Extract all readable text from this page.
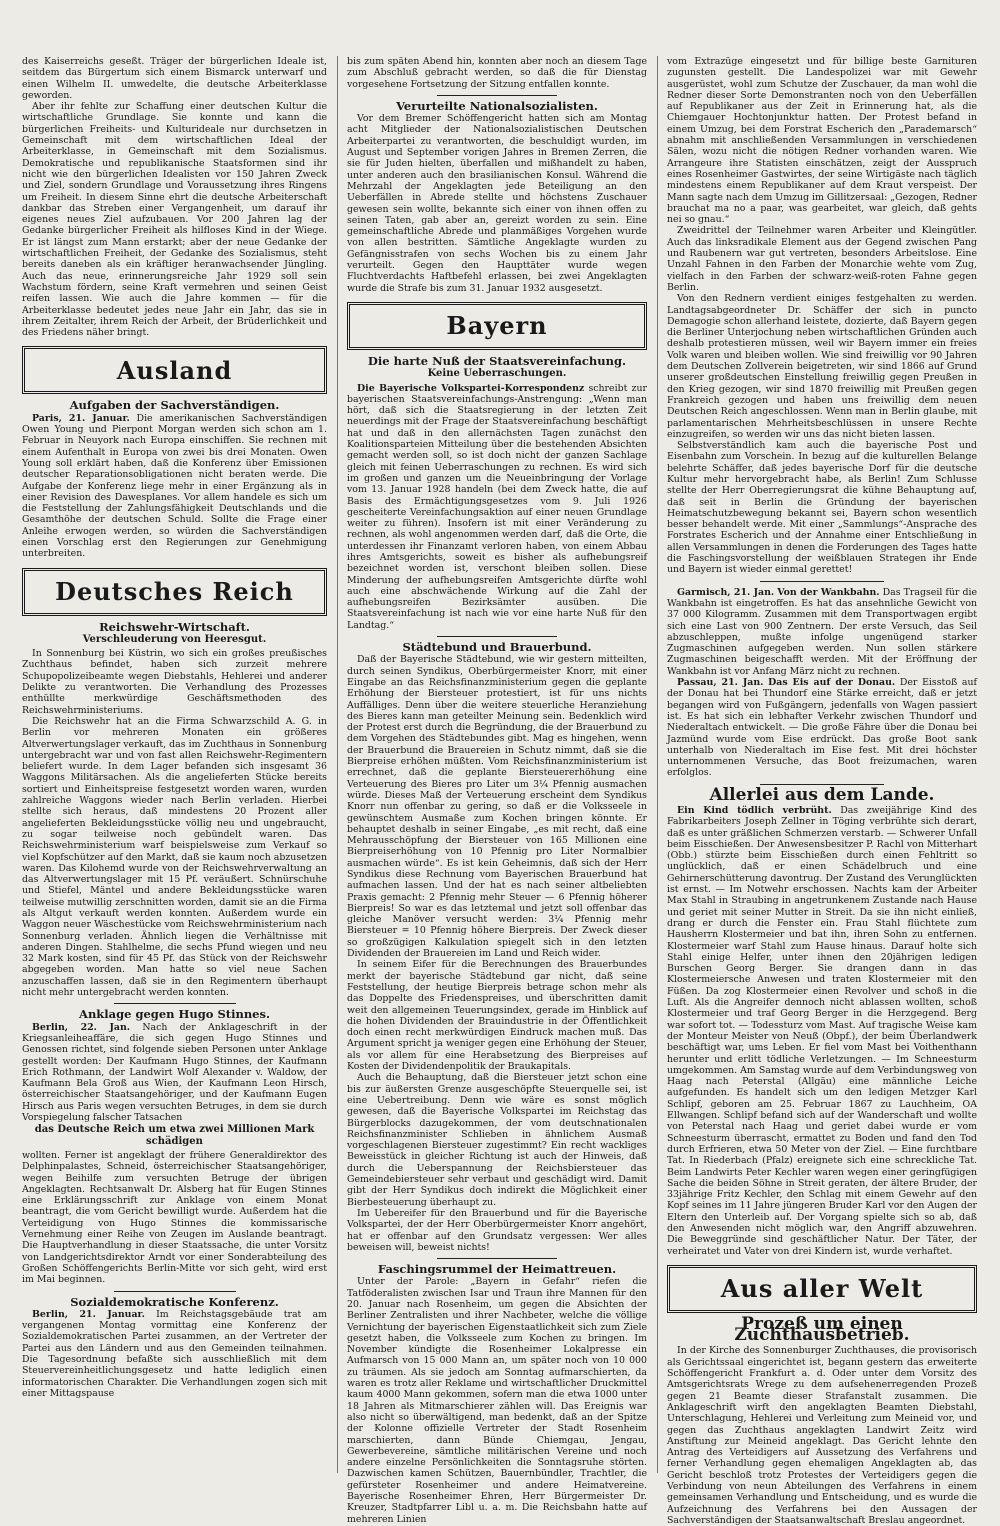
des Kaiserreichs geseßt. Träger der bürgerlichen Ideale ist, seitdem das Bürgertum sich einem Bismarck unterwarf und einen Wilhelm II. umwedelte, die deutsche Arbeiterklasse geworden.

Aber ihr fehlte zur Schaffung einer deutschen Kultur die wirtschaftliche Grundlage. Sie konnte und kann die bürgerlichen Freiheits- und Kulturideale nur durchsetzen in Gemeinschaft mit dem wirtschaftlichen Ideal der Arbeiterklasse, in Gemeinschaft mit dem Sozialismus. Demokratische und republikanische Staatsformen sind ihr nicht wie den bürgerlichen Idealisten vor 150 Jahren Zweck und Ziel, sondern Grundlage und Voraussetzung ihres Ringens um Freiheit. In diesem Sinne ehrt die deutsche Arbeiterschaft dankbar das Streben einer Vergangenheit, um darauf ihr eigenes neues Ziel aufzubauen. Vor 200 Jahren lag der Gedanke bürgerlicher Freiheit als hilfloses Kind in der Wiege. Er ist längst zum Mann erstarkt; aber der neue Gedanke der wirtschaftlichen Freiheit, der Gedanke des Sozialismus, steht bereits daneben als ein kräftiger heranwachsender Jüngling. Auch das neue, erinnerungsreiche Jahr 1929 soll sein Wachstum fördern, seine Kraft vermehren und seinen Geist reifen lassen. Wie auch die Jahre kommen — für die Arbeiterklasse bedeutet jedes neue Jahr ein Jahr, das sie in ihrem Zeitalter, ihrem Reich der Arbeit, der Brüderlichkeit und des Friedens näher bringt.

Ausland
Aufgaben der Sachverständigen.

Paris, 21. Januar. Die amerikanischen Sachverständigen Owen Young und Pierpont Morgan werden sich schon am 1. Februar in Neuyork nach Europa einschiffen. Sie rechnen mit einem Aufenthalt in Europa von zwei bis drei Monaten. Owen Young soll erklärt haben, daß die Konferenz über Emissionen deutscher Reparationsobligationen nicht beraten werde. Die Aufgabe der Konferenz liege mehr in einer Ergänzung als in einer Revision des Dawesplanes. Vor allem handele es sich um die Feststellung der Zahlungsfähigkeit Deutschlands und die Gesamthöhe der deutschen Schuld. Sollte die Frage einer Anleihe erwogen werden, so würden die Sachverständigen einen Vorschlag erst den Regierungen zur Genehmigung unterbreiten.

Deutsches Reich
Reichswehr-Wirtschaft.
Verschleuderung von Heeresgut.

In Sonnenburg bei Küstrin, wo sich ein großes preußisches Zuchthaus befindet, haben sich zurzeit mehrere Schupopolizeibeamte wegen Diebstahls, Hehlerei und anderer Delikte zu verantworten. Die Verhandlung des Prozesses enthüllte merkwürdige Geschäftsmethoden des Reichswehrministeriums.

Die Reichswehr hat an die Firma Schwarzschild A. G. in Berlin vor mehreren Monaten ein größeres Altverwertungslager verkauft, das im Zuchthaus in Sonnenburg untergebracht war und von fast allen Reichswehr-Regimentern beliefert wurde. In dem Lager befanden sich insgesamt 36 Waggons Militärsachen. Als die angelieferten Stücke bereits sortiert und Einheitspreise festgesetzt worden waren, wurden zahlreiche Waggons wieder nach Berlin verladen. Hierbei stellte sich heraus, daß mindestens 20 Prozent aller angelieferten Bekleidungsstücke völlig neu und ungebraucht, zu sogar teilweise noch gebündelt waren. Das Reichswehrministerium warf beispielsweise zum Verkauf so viel Kopfschützer auf den Markt, daß sie kaum noch abzusetzen waren. Das Kilohemd wurde von der Reichswehrverwaltung an das Altverwertungslager mit 15 Pf. veräußert. Schnürschuhe und Stiefel, Mäntel und andere Bekleidungsstücke waren teilweise mutwillig zerschnitten worden, damit sie an die Firma als Altgut verkauft werden konnten. Außerdem wurde ein Waggon neuer Wäschestücke vom Reichswehrministerium nach Sonnenburg verladen. Ähnlich liegen die Verhältnisse mit anderen Dingen. Stahlhelme, die sechs Pfund wiegen und neu 32 Mark kosten, sind für 45 Pf. das Stück von der Reichswehr abgegeben worden. Man hatte so viel neue Sachen anzuschaffen lassen, daß sie in den Regimentern überhaupt nicht mehr untergebracht werden konnten.

Anklage gegen Hugo Stinnes.

Berlin, 22. Jan. Nach der Anklageschrift in der Kriegsanleiheaffäre, die sich gegen Hugo Stinnes und Genossen richtet, sind folgende sieben Personen unter Anklage gestellt worden: Der Kaufmann Hugo Stinnes, der Kaufmann Erich Rothmann, der Landwirt Wolf Alexander v. Waldow, der Kaufmann Bela Groß aus Wien, der Kaufmann Leon Hirsch, österreichischer Staatsangehöriger, und der Kaufmann Eugen Hirsch aus Paris wegen versuchten Betruges, in dem sie durch Vorspiegelung falscher Tatsachen

das Deutsche Reich um etwa zwei Millionen Mark schädigen

wollten. Ferner ist angeklagt der frühere Generaldirektor des Delphinpalastes, Schneid, österreichischer Staatsangehöriger, wegen Beihilfe zum versuchten Betruge der übrigen Angeklagten. Rechtsanwalt Dr. Alsberg hat für Eugen Stinnes eine Erklärungsschrift zur Anklage von einem Monat beantragt, die vom Gericht bewilligt wurde. Außerdem hat die Verteidigung von Hugo Stinnes die kommissarische Vernehmung einer Reihe von Zeugen im Auslande beantragt. Die Hauptverhandlung in dieser Staatssache, die unter Vorsitz von Landgerichtsdirektor Arndt vor einer Sonderabteilung des Großen Schöffengerichts Berlin-Mitte vor sich geht, wird erst im Mai beginnen.

Sozialdemokratische Konferenz.

Berlin, 21. Januar. Im Reichstagsgebäude trat am vergangenen Montag vormittag eine Konferenz der Sozialdemokratischen Partei zusammen, an der Vertreter der Partei aus den Ländern und aus den Gemeinden teilnahmen. Die Tagesordnung befaßte sich ausschließlich mit dem Steuervereinheitlichungsgesetz und hatte lediglich einen informatorischen Charakter. Die Verhandlungen zogen sich mit einer Mittagspause

bis zum späten Abend hin, konnten aber noch an diesem Tage zum Abschluß gebracht werden, so daß die für Dienstag vorgesehene Fortsetzung der Sitzung entfallen konnte.

Verurteilte Nationalsozialisten.

Vor dem Bremer Schöffengericht hatten sich am Montag acht Mitglieder der Nationalsozialistischen Deutschen Arbeiterpartei zu verantworten, die beschuldigt wurden, im August und September vorigen Jahres in Bremen Zerren, die sie für Juden hielten, überfallen und mißhandelt zu haben, unter anderen auch den brasilianischen Konsul. Während die Mehrzahl der Angeklagten jede Beteiligung an den Ueberfällen in Abrede stellte und höchstens Zuschauer gewesen sein wollte, bekannte sich einer von ihnen offen zu seinen Taten, gab aber an, gereizt worden zu sein. Eine gemeinschaftliche Abrede und planmäßiges Vorgehen wurde von allen bestritten. Sämtliche Angeklagte wurden zu Gefängnisstrafen von sechs Wochen bis zu einem Jahr verurteilt. Gegen den Haupttäter wurde wegen Fluchtverdachts Haftbefehl erlassen, bei zwei Angeklagten wurde die Strafe bis zum 31. Januar 1932 ausgesetzt.

Bayern
Die harte Nuß der Staatsvereinfachung.
Keine Ueberraschungen.

Die Bayerische Volkspartei-Korrespondenz schreibt zur bayerischen Staatsvereinfachungs-Anstrengung: „Wenn man hört, daß sich die Staatsregierung in der letzten Zeit neuerdings mit der Frage der Staatsvereinfachung beschäftigt hat und daß in den allernächsten Tagen zunächst den Koalitionsparteien Mitteilung über die bestehenden Absichten gemacht werden soll, so ist doch nicht der ganzen Sachlage gleich mit feinen Ueberraschungen zu rechnen. Es wird sich im großen und ganzen um die Neueinbringung der Vorlage vom 13. Januar 1928 handeln (bei dem Zweck hatte, die auf Basis des Ermächtigungsgesetzes vom 9. Juli 1926 gescheiterte Vereinfachungsaktion auf einer neuen Grundlage weiter zu führen). Insofern ist mit einer Veränderung zu rechnen, als wohl angenommen werden darf, daß die Orte, die unterdessen ihr Finanzamt verloren haben, von einem Abbau ihres Amtsgerichts, soweit es bisher als aufhebungsreif bezeichnet worden ist, verschont bleiben sollen. Diese Minderung der aufhebungsreifen Amtsgerichte dürfte wohl auch eine abschwächende Wirkung auf die Zahl der aufhebungsreifen Bezirksämter ausüben. Die Staatsvereinfachung ist nach wie vor eine harte Nuß für den Landtag.“

Städtebund und Brauerbund.

Daß der Bayerische Städtebund, wie wir gestern mitteilten, durch seinen Syndikus, Oberbürgermeister Knorr, mit einer Eingabe an das Reichsfinanzministerium gegen die geplante Erhöhung der Biersteuer protestiert, ist für uns nichts Auffälliges. Denn über die weitere steuerliche Heranziehung des Bieres kann man geteilter Meinung sein. Bedenklich wird der Protest erst durch die Begründung, die der Brauerbund zu dem Vorgehen des Städtebundes gibt. Mag es hingehen, wenn der Brauerbund die Brauereien in Schutz nimmt, daß sie die Bierpreise erhöhen müßten. Vom Reichsfinanzministerium ist errechnet, daß die geplante Biersteuererhöhung eine Verteuerung des Bieres pro Liter um 3¼ Pfennig ausmachen würde. Dieses Maß der Verteuerung erscheint dem Syndikus Knorr nun offenbar zu gering, so daß er die Volksseele in gewünschtem Ausmaße zum Kochen bringen könnte. Er behauptet deshalb in seiner Eingabe, „es mit recht, daß eine Mehrausschöpfung der Biersteuer von 165 Millionen eine Bierpreiserhöhung von 10 Pfennig pro Liter Normalbier ausmachen würde“. Es ist kein Geheimnis, daß sich der Herr Syndikus diese Rechnung vom Bayerischen Brauerbund hat aufmachen lassen. Und der hat es nach seiner altbeliebten Praxis gemacht: 2 Pfennig mehr Steuer — 6 Pfennig höherer Bierpreis! So war es das letztemal und jetzt soll offenbar das gleiche Manöver versucht werden: 3¼ Pfennig mehr Biersteuer = 10 Pfennig höhere Bierpreis. Der Zweck dieser so großzügigen Kalkulation spiegelt sich in den letzten Dividenden der Brauereien im Land und Reich wider.

In seinem Eifer für die Berechnungen des Brauerbundes merkt der bayerische Städtebund gar nicht, daß seine Feststellung, der heutige Bierpreis betrage schon mehr als das Doppelte des Friedenspreises, und überschritten damit weit den allgemeinen Teuerungsindex, gerade im Hinblick auf die hohen Dividenden der Brauindustrie in der Öffentlichkeit doch einen recht merkwürdigen Eindruck machen muß. Das Argument spricht ja weniger gegen eine Erhöhung der Steuer, als vor allem für eine Herabsetzung des Bierpreises auf Kosten der Dividendenpolitik der Braukapitals.

Auch die Behauptung, daß die Biersteuer jetzt schon eine bis zur äußersten Grenze ausgeschöpfte Steuerquelle sei, ist eine Uebertreibung. Denn wie wäre es sonst möglich gewesen, daß die Bayerische Volkspartei im Reichstag das Bürgerblocks dazugekommen, der vom deutschnationalen Reichsfinanzminister Schlieben in ähnlichem Ausmaß vorgeschlagenen Biersteuer zugestimmt? Ein recht wackliges Beweisstück in gleicher Richtung ist auch der Hinweis, daß durch die Ueberspannung der Reichsbiersteuer das Gemeindebiersteuer sehr verbaut und geschädigt wird. Damit gibt der Herr Syndikus doch indirekt die Möglichkeit einer Bierbesteuerung überhaupt zu.

Im Uebereifer für den Brauerbund und für die Bayerische Volkspartei, der der Herr Oberbürgermeister Knorr angehört, hat er offenbar auf den Grundsatz vergessen: Wer alles beweisen will, beweist nichts!

Faschingsrummel der Heimattreuen.

Unter der Parole: „Bayern in Gefahr“ riefen die Tatföderalisten zwischen Isar und Traun ihre Mannen für den 20. Januar nach Rosenheim, um gegen die Absichten der Berliner Zentralisten und ihrer Nachbeter, welche die völlige Vernichtung der bayerischen Eigenstaatlichkeit sich zum Ziele gesetzt haben, die Volksseele zum Kochen zu bringen. Im November kündigte die Rosenheimer Lokalpresse ein Aufmarsch von 15 000 Mann an, um später noch von 10 000 zu träumen. Als sie jedoch am Sonntag aufmarschierten, da waren es trotz aller Reklame und wirtschaftlicher Druckmittel kaum 4000 Mann gekommen, sofern man die etwa 1000 unter 18 Jahren als Mitmarschierer zählen will. Das Ereignis war also nicht so überwältigend, man bedenkt, daß an der Spitze der Kolonne offizielle Vertreter der Stadt Rosenheim marschierten, dann Bünde Chiemgau, Jengau, Gewerbevereine, sämtliche militärischen Vereine und noch andere einzelne Persönlichkeiten die Sonntagsruhe störten. Dazwischen kamen Schützen, Bauernbündler, Trachtler, die gefürsteter Rosenheimer und andere Heimatvereine. Bayerische Rosenheimer Ehren, Herr Bürgermeister Dr. Kreuzer, Stadtpfarrer Libl u. a. m. Die Reichsbahn hatte auf mehreren Linien

vom Extrazüge eingesetzt und für billige beste Garnituren zugunsten gestellt. Die Landespolizei war mit Gewehr ausgerüstet, wohl zum Schutze der Zuschauer, da man wohl die Redner dieser Sorte Demonstranten noch von den Ueberfällen auf Republikaner aus der Zeit in Erinnerung hat, als die Chiemgauer Hochtonjunktur hatten. Der Protest befand in einem Umzug, bei dem Forstrat Escherich den „Parademarsch“ abnahm mit anschließenden Versammlungen in verschiedenen Sälen, wozu nicht die nötigen Redner vorhanden waren. Wie Arrangeure ihre Statisten einschätzen, zeigt der Ausspruch eines Rosenheimer Gastwirtes, der seine Wirtigäste nach täglich mindestens einem Republikaner auf dem Kraut verspeist. Der Mann sagte nach dem Umzug im Gillitzersaal: „Gezogen, Redner brauchat ma no a paar, was gearbeitet, war gleich, daß gehts nei so gnau.“

Zweidrittel der Teilnehmer waren Arbeiter und Kleingütler. Auch das linksradikale Element aus der Gegend zwischen Pang und Raubenern war gut vertreten, besonders Arbeitslose. Eine Unzahl Fahnen in den Farben der Monarchie wehte vom Zug, vielfach in den Farben der schwarz-weiß-roten Fahne gegen Berlin.

Von den Rednern verdient einiges festgehalten zu werden. Landtagsabgeordneter Dr. Schäffer der sich in puncto Demagogie schon allerhand leistete, dozierte, daß Bayern gegen die Berliner Unterjochung neben wirtschaftlichen Gründen auch deshalb protestieren müssen, weil wir Bayern immer ein freies Volk waren und bleiben wollen. Wie sind freiwillig vor 90 Jahren dem Deutschen Zollverein beigetreten, wir sind 1866 auf Grund unserer großdeutschen Einstellung freiwillig gegen Preußen in den Krieg gezogen, wir sind 1870 freiwillig mit Preußen gegen Frankreich gezogen und haben uns freiwillig dem neuen Deutschen Reich angeschlossen. Wenn man in Berlin glaube, mit parlamentarischen Mehrheitsbeschlüssen in unsere Rechte einzugreifen, so werden wir uns das nicht bieten lassen.

Selbstverständlich kam auch die bayerische Post und Eisenbahn zum Vorschein. In bezug auf die kulturellen Belange belehrte Schäffer, daß jedes bayerische Dorf für die deutsche Kultur mehr hervorgebracht habe, als Berlin! Zum Schlusse stellte der Herr Oberregierungsrat die kühne Behauptung auf, daß seit in Berlin die Gründung der bayerischen Heimatschutzbewegung bekannt sei, Bayern schon wesentlich besser behandelt werde. Mit einer „Sammlungs“-Ansprache des Forstrates Escherich und der Annahme einer Entschließung in allen Versammlungen in denen die Forderungen des Tages hatte die Faschingsvorstellung der weißblauen Strategen ihr Ende und Bayern ist wieder einmal gerettet!

Garmisch, 21. Jan. Von der Wankbahn. Das Tragseil für die Wankbahn ist eingetroffen. Es hat das ansehnliche Gewicht von 37 000 Kilogramm. Zusammen mit dem Transportwagen ergibt sich eine Last von 900 Zentnern. Der erste Versuch, das Seil abzuschleppen, mußte infolge ungenügend starker Zugmaschinen aufgegeben werden. Nun sollen stärkere Zugmaschinen beigeschafft werden. Mit der Eröffnung der Wankbahn ist vor Anfang März nicht zu rechnen.

Passau, 21. Jan. Das Eis auf der Donau. Der Eisstoß auf der Donau hat bei Thundorf eine Stärke erreicht, daß er jetzt begangen wird von Fußgängern, jedenfalls von Wagen passiert ist. Es hat sich ein lebhafter Verkehr zwischen Thundorf und Niederaltach entwickelt. — Die große Fähre über die Donau bei Jazmünd wurde vom Eise erdrückt. Das große Boot sank unterhalb von Niederaltach im Eise fest. Mit drei höchster unternommenen Versuche, das Boot freizumachen, waren erfolglos.

Allerlei aus dem Lande.

Ein Kind tödlich verbrüht. Das zweijährige Kind des Fabrikarbeiters Joseph Zellner in Töging verbrühte sich derart, daß es unter gräßlichen Schmerzen verstarb. — Schwerer Unfall beim Eisschießen. Der Anwesensbesitzer P. Rachl von Mitterhart (Obb.) stürzte beim Eisschießen durch einen Fehltritt so unglücklich, daß er einen Schädelbruch und eine Gehirnerschütterung davontrug. Der Zustand des Verunglückten ist ernst. — Im Notwehr erschossen. Nachts kam der Arbeiter Max Stahl in Straubing in angetrunkenem Zustande nach Hause und geriet mit seiner Mutter in Streit. Da sie ihn nicht einließ, drang er durch die Fenster ein. Frau Stahl flüchtete zum Hausherrn Klostermeier und bat ihn, ihren Sohn zu entfernen. Klostermeier warf Stahl zum Hause hinaus. Darauf holte sich Stahl einige Helfer, unter ihnen den 20jährigen ledigen Burschen Georg Berger. Sie drangen dann in das Klostermeiersche Anwesen und traten Klostermeier mit den Füßen. Da zog Klostermeier einen Revolver und schoß in die Luft. Als die Angreifer dennoch nicht ablassen wollten, schoß Klostermeier und traf Georg Berger in die Herzgegend. Berg war sofort tot. — Todessturz vom Mast. Auf tragische Weise kam der Monteur Meister von Neuß (Obpf.), der beim Überlandwerk beschäftigt war, ums Leben. Er fiel vom Mast bei Voithenthann herunter und erlitt tödliche Verletzungen. — Im Schneesturm umgekommen. Am Samstag wurde auf dem Verbindungsweg von Haag nach Peterstal (Allgäu) eine männliche Leiche aufgefunden. Es handelt sich um den ledigen Metzger Karl Schlipf, geboren am 25. Februar 1867 zu Lauchheim, OA Ellwangen. Schlipf befand sich auf der Wanderschaft und wollte von Peterstal nach Haag und geriet dabei wurde er vom Schneesturm überrascht, ermattet zu Boden und fand den Tod durch Erfrieren, etwa 50 Meter von der Ziel. — Eine furchtbare Tat. In Riederbach (Pfalz) ereignete sich eine schreckliche Tat. Beim Landwirts Peter Kechler waren wegen einer geringfügigen Sache die beiden Söhne in Streit geraten, der ältere Bruder, der 33jährige Fritz Kechler, den Schlag mit einem Gewehr auf den Kopf seines im 11 Jahre jüngeren Bruder Karl vor den Augen der Eltern den Unterleib auf. Der Vorgang spielte sich so ab, daß den Anwesenden nicht möglich war, den Angriff abzuwehren. Die Beweggründe sind geschäftlicher Natur. Der Täter, der verheiratet und Vater von drei Kindern ist, wurde verhaftet.

Aus aller Welt
Prozeß um einen Zuchthausbetrieb.

In der Kirche des Sonnenburger Zuchthauses, die provisorisch als Gerichtssaal eingerichtet ist, begann gestern das erweiterte Schöffengericht Frankfurt a. d. Oder unter dem Vorsitz des Amtsgerichtsrats Wrege zu dem aufsehenerregenden Prozeß gegen 21 Beamte dieser Strafanstalt zusammen. Die Anklageschrift wirft den angeklagten Beamten Diebstahl, Unterschlagung, Hehlerei und Verleitung zum Meineid vor, und gegen das Zuchthaus angeklagten Landwirt Zeitz wird Anstiftung zur Meineid angeklagt. Das Gericht lehnte den Antrag des Verteidigers auf Aussetzung des Verfahrens und ferner Verhandlung gegen ehemaligen Angeklagten ab, das Gericht beschloß trotz Protestes der Verteidigers gegen die Verbindung von neun Abteilungen des Verfahrens in einem gemeinsamen Verhandlung und Entscheidung, und es wurde die Aufzeichnung des Verfahrens bei den Aussagen der Sachverständigen der Staatsanwaltschaft Breslau angeordnet.
